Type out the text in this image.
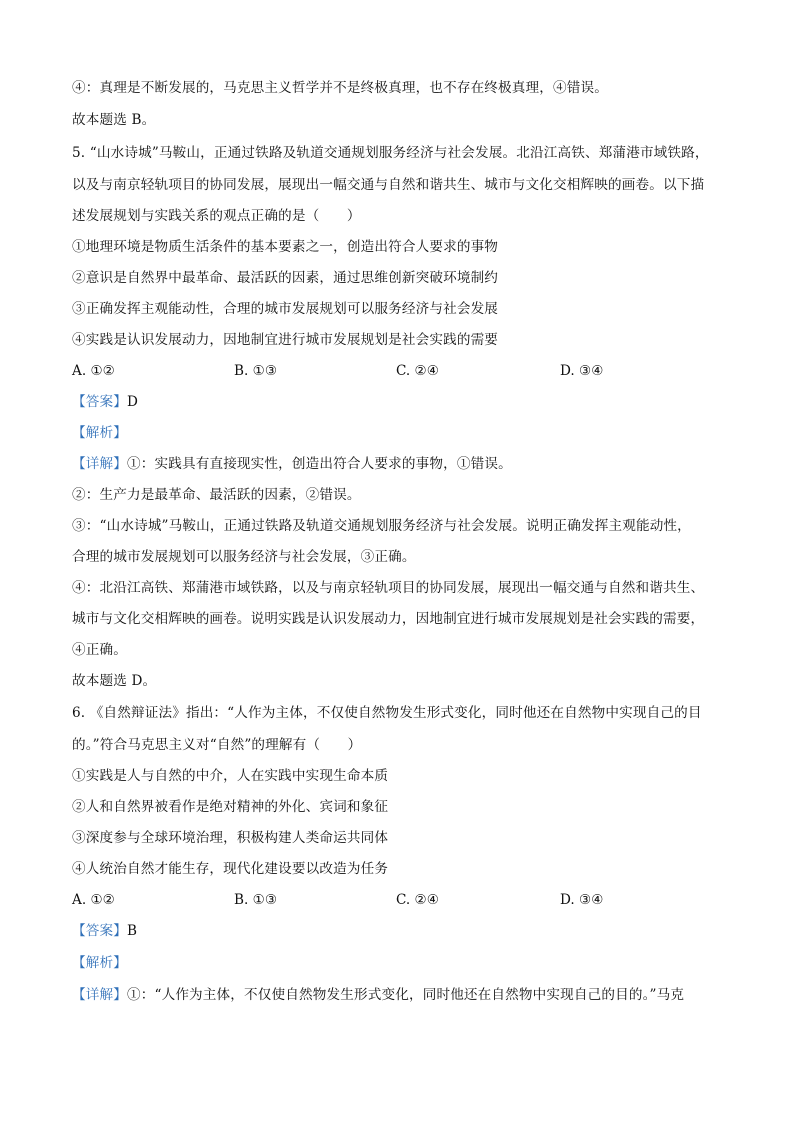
④：真理是不断发展的，马克思主义哲学并不是终极真理，也不存在终极真理，④错误。
故本题选 B。
5. “山水诗城”马鞍山，正通过铁路及轨道交通规划服务经济与社会发展。北沿江高铁、郑蒲港市域铁路，
以及与南京轻轨项目的协同发展，展现出一幅交通与自然和谐共生、城市与文化交相辉映的画卷。以下描
述发展规划与实践关系的观点正确的是（　　）
①地理环境是物质生活条件的基本要素之一，创造出符合人要求的事物
②意识是自然界中最革命、最活跃的因素，通过思维创新突破环境制约
③正确发挥主观能动性，合理的城市发展规划可以服务经济与社会发展
④实践是认识发展动力，因地制宜进行城市发展规划是社会实践的需要
A. ①②	B. ①③	C. ②④	D. ③④
【答案】D
【解析】
【详解】①：实践具有直接现实性，创造出符合人要求的事物，①错误。
②：生产力是最革命、最活跃的因素，②错误。
③：“山水诗城”马鞍山，正通过铁路及轨道交通规划服务经济与社会发展。说明正确发挥主观能动性，
合理的城市发展规划可以服务经济与社会发展，③正确。
④：北沿江高铁、郑蒲港市域铁路，以及与南京轻轨项目的协同发展，展现出一幅交通与自然和谐共生、
城市与文化交相辉映的画卷。说明实践是认识发展动力，因地制宜进行城市发展规划是社会实践的需要，
④正确。
故本题选 D。
6. 《自然辩证法》指出：“人作为主体，不仅使自然物发生形式变化，同时他还在自然物中实现自己的目
的。”符合马克思主义对“自然”的理解有（　　）
①实践是人与自然的中介，人在实践中实现生命本质
②人和自然界被看作是绝对精神的外化、宾词和象征
③深度参与全球环境治理，积极构建人类命运共同体
④人统治自然才能生存，现代化建设要以改造为任务
A. ①②	B. ①③	C. ②④	D. ③④
【答案】B
【解析】
【详解】①：“人作为主体，不仅使自然物发生形式变化，同时他还在自然物中实现自己的目的。”马克
